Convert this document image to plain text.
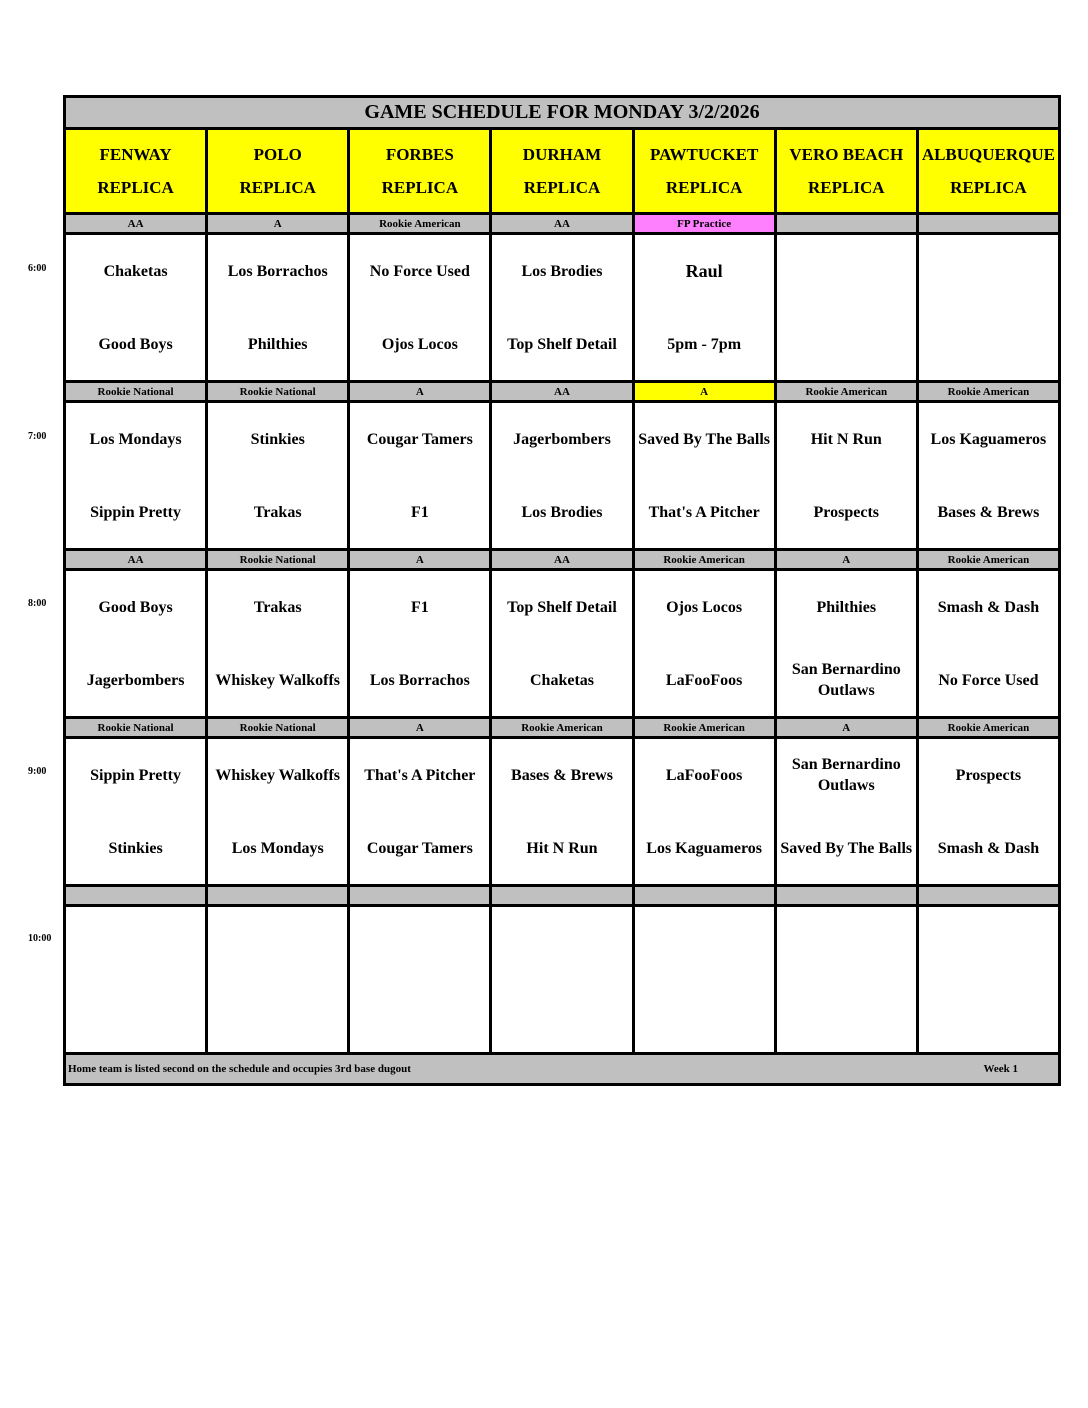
6:00
7:00
8:00
9:00
10:00
GAME SCHEDULE FOR MONDAY 3/2/2026
FENWAY
REPLICA
AA
Chaketas
Good Boys
Rookie National
Los Mondays
Sippin Pretty
AA
Good Boys
Jagerbombers
Rookie National
Sippin Pretty
Stinkies
POLO
REPLICA
A
Los Borrachos
Philthies
Rookie National
Stinkies
Trakas
Rookie National
Trakas
Whiskey Walkoffs
Rookie National
Whiskey Walkoffs
Los Mondays
FORBES
REPLICA
Rookie American
No Force Used
Ojos Locos
A
Cougar Tamers
F1
A
F1
Los Borrachos
A
That's A Pitcher
Cougar Tamers
DURHAM
REPLICA
AA
Los Brodies
Top Shelf Detail
AA
Jagerbombers
Los Brodies
AA
Top Shelf Detail
Chaketas
Rookie American
Bases & Brews
Hit N Run
PAWTUCKET
REPLICA
FP Practice
Raul
5pm - 7pm
A
Saved By The Balls
That's A Pitcher
Rookie American
Ojos Locos
LaFooFoos
Rookie American
LaFooFoos
Los Kaguameros
VERO BEACH
REPLICA
Rookie American
Hit N Run
Prospects
A
Philthies
San Bernardino Outlaws
A
San Bernardino Outlaws
Saved By The Balls
ALBUQUERQUE
REPLICA
Rookie American
Los Kaguameros
Bases & Brews
Rookie American
Smash & Dash
No Force Used
Rookie American
Prospects
Smash & Dash
Home team is listed second on the schedule and occupies 3rd base dugout	Week 1
